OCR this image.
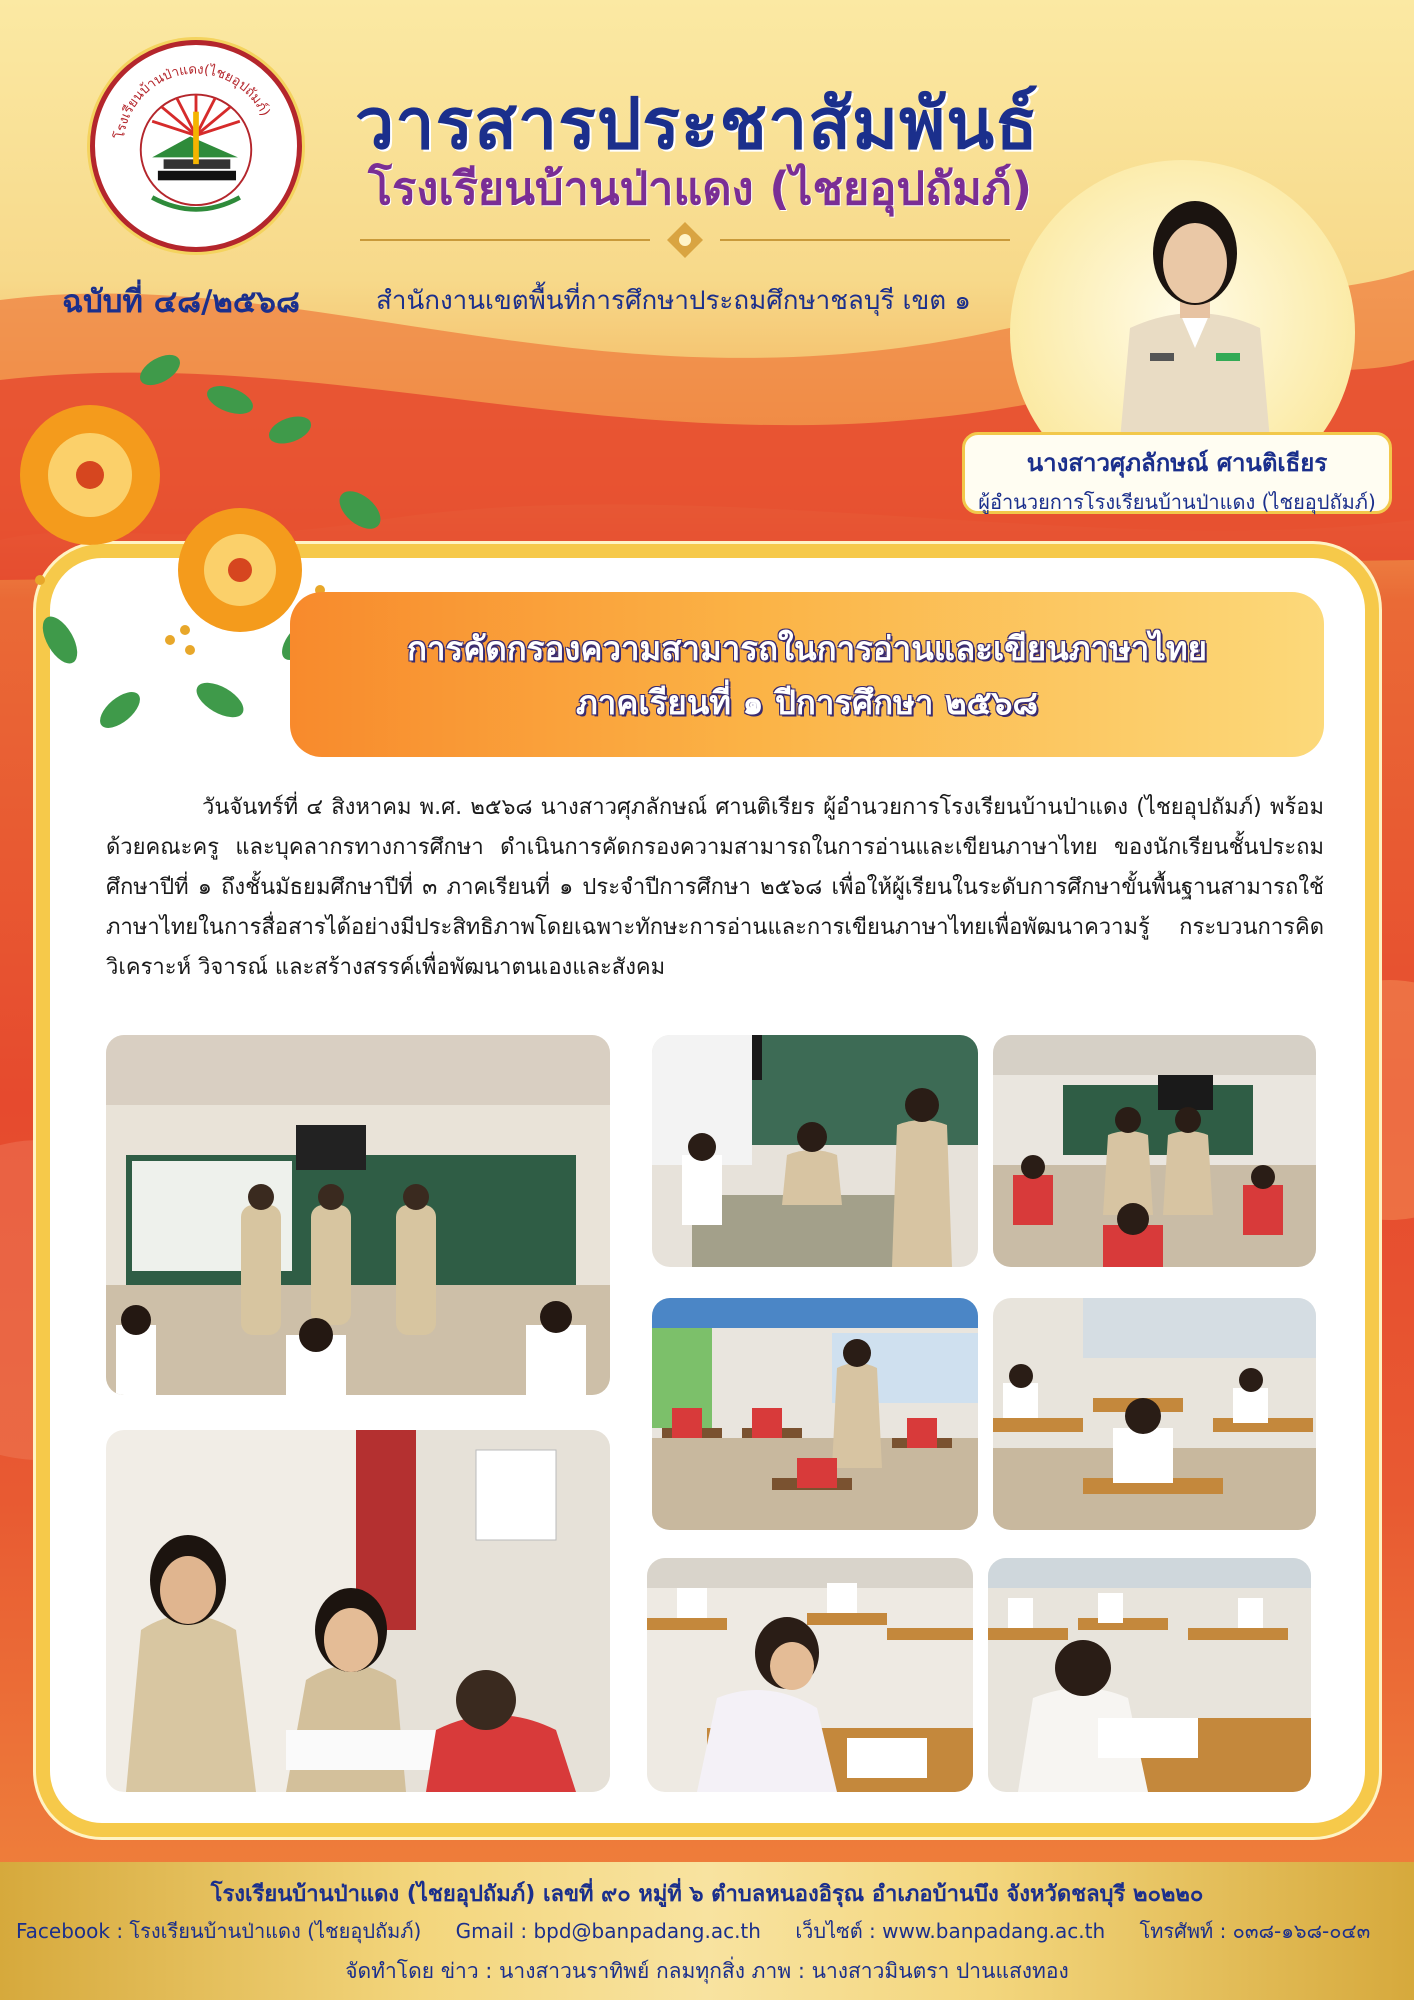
โรงเรียนบ้านป่าแดง(ไชยอุปถัมภ์) วารสารประชาสัมพันธ์
โรงเรียนบ้านป่าแดง (ไชยอุปถัมภ์)
ฉบับที่ ๔๘/๒๕๖๘	สำนักงานเขตพื้นที่การศึกษาประถมศึกษาชลบุรี เขต ๑
นางสาวศุภลักษณ์ ศานติเธียร
ผู้อำนวยการโรงเรียนบ้านป่าแดง (ไชยอุปถัมภ์)
การคัดกรองความสามารถในการอ่านและเขียนภาษาไทย
ภาคเรียนที่ ๑ ปีการศึกษา ๒๕๖๘
วันจันทร์ที่ ๔ สิงหาคม พ.ศ. ๒๕๖๘ นางสาวศุภลักษณ์ ศานติเรียร ผู้อำนวยการโรงเรียนบ้านป่าแดง (ไชยอุปถัมภ์) พร้อมด้วยคณะครู และบุคลากรทางการศึกษา ดำเนินการคัดกรองความสามารถในการอ่านและเขียนภาษาไทย ของนักเรียนชั้นประถมศึกษาปีที่ ๑ ถึงชั้นมัธยมศึกษาปีที่ ๓ ภาคเรียนที่ ๑ ประจำปีการศึกษา ๒๕๖๘ เพื่อให้ผู้เรียนในระดับการศึกษาขั้นพื้นฐานสามารถใช้ภาษาไทยในการสื่อสารได้อย่างมีประสิทธิภาพโดยเฉพาะทักษะการอ่านและการเขียนภาษาไทยเพื่อพัฒนาความรู้ กระบวนการคิดวิเคราะห์ วิจารณ์ และสร้างสรรค์เพื่อพัฒนาตนเองและสังคม
โรงเรียนบ้านป่าแดง (ไชยอุปถัมภ์) เลขที่ ๙๐ หมู่ที่ ๖ ตำบลหนองอิรุณ อำเภอบ้านบึง จังหวัดชลบุรี ๒๐๒๒๐
Facebook : โรงเรียนบ้านป่าแดง (ไชยอุปถัมภ์) Gmail : bpd@banpadang.ac.th เว็บไซต์ : www.banpadang.ac.th โทรศัพท์ : ๐๓๘-๑๖๘-๐๔๓
จัดทำโดย ข่าว : นางสาวนราทิพย์ กลมทุกสิ่ง ภาพ : นางสาวมินตรา ปานแสงทอง
